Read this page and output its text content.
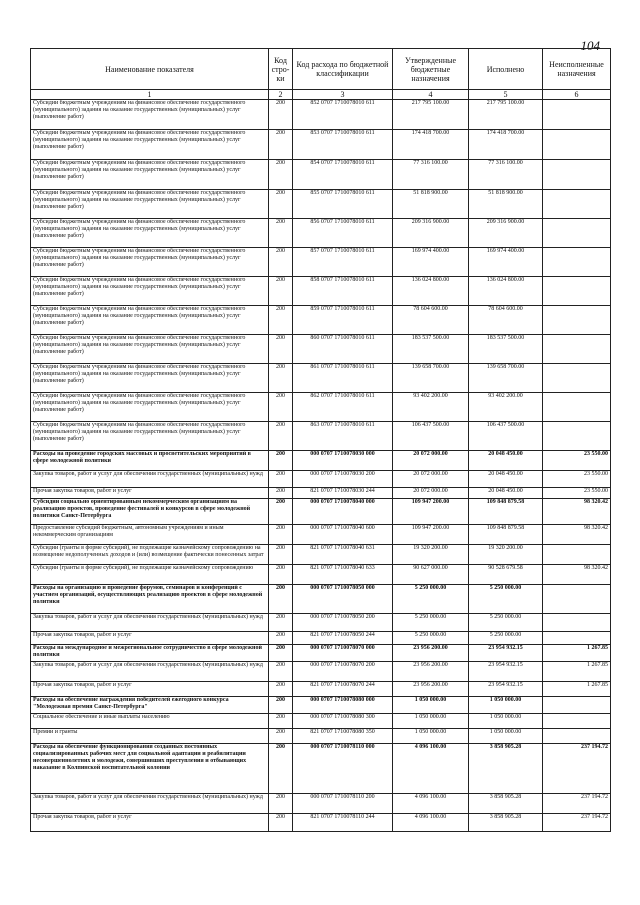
104
Наименование показателя	Код стро-ки	Код расхода по бюджетной классификации	Утвержденные бюджетные назначения	Исполнено	Неисполненные назначения
1	2	3	4	5	6
Субсидии бюджетным учреждениям на финансовое обеспечение государственного (муниципального) задания на оказание государственных (муниципальных) услуг (выполнение работ)	200	852 0707 1710078010 611	217 795 100.00	217 795 100.00	
Субсидии бюджетным учреждениям на финансовое обеспечение государственного (муниципального) задания на оказание государственных (муниципальных) услуг (выполнение работ)	200	853 0707 1710078010 611	174 418 700.00	174 418 700.00	
Субсидии бюджетным учреждениям на финансовое обеспечение государственного (муниципального) задания на оказание государственных (муниципальных) услуг (выполнение работ)	200	854 0707 1710078010 611	77 316 100.00	77 316 100.00	
Субсидии бюджетным учреждениям на финансовое обеспечение государственного (муниципального) задания на оказание государственных (муниципальных) услуг (выполнение работ)	200	855 0707 1710078010 611	51 818 900.00	51 818 900.00	
Субсидии бюджетным учреждениям на финансовое обеспечение государственного (муниципального) задания на оказание государственных (муниципальных) услуг (выполнение работ)	200	856 0707 1710078010 611	209 316 900.00	209 316 900.00	
Субсидии бюджетным учреждениям на финансовое обеспечение государственного (муниципального) задания на оказание государственных (муниципальных) услуг (выполнение работ)	200	857 0707 1710078010 611	169 974 400.00	169 974 400.00	
Субсидии бюджетным учреждениям на финансовое обеспечение государственного (муниципального) задания на оказание государственных (муниципальных) услуг (выполнение работ)	200	858 0707 1710078010 611	136 024 800.00	136 024 800.00	
Субсидии бюджетным учреждениям на финансовое обеспечение государственного (муниципального) задания на оказание государственных (муниципальных) услуг (выполнение работ)	200	859 0707 1710078010 611	78 604 600.00	78 604 600.00	
Субсидии бюджетным учреждениям на финансовое обеспечение государственного (муниципального) задания на оказание государственных (муниципальных) услуг (выполнение работ)	200	860 0707 1710078010 611	183 537 500.00	183 537 500.00	
Субсидии бюджетным учреждениям на финансовое обеспечение государственного (муниципального) задания на оказание государственных (муниципальных) услуг (выполнение работ)	200	861 0707 1710078010 611	139 658 700.00	139 658 700.00	
Субсидии бюджетным учреждениям на финансовое обеспечение государственного (муниципального) задания на оказание государственных (муниципальных) услуг (выполнение работ)	200	862 0707 1710078010 611	93 402 200.00	93 402 200.00	
Субсидии бюджетным учреждениям на финансовое обеспечение государственного (муниципального) задания на оказание государственных (муниципальных) услуг (выполнение работ)	200	863 0707 1710078010 611	106 437 500.00	106 437 500.00	
Расходы на проведение городских массовых и просветительских мероприятий в сфере молодежной политики	200	000 0707 1710078030 000	20 072 000.00	20 048 450.00	23 550.00
Закупка товаров, работ и услуг для обеспечения государственных (муниципальных) нужд	200	000 0707 1710078030 200	20 072 000.00	20 048 450.00	23 550.00
Прочая закупка товаров, работ и услуг	200	821 0707 1710078030 244	20 072 000.00	20 048 450.00	23 550.00
Субсидии социально ориентированным некоммерческим организациям на реализацию проектов, проведение фестивалей и конкурсов в сфере молодежной политики Санкт-Петербурга	200	000 0707 1710078040 000	109 947 200.00	109 848 879.58	98 320.42
Предоставление субсидий бюджетным, автономным учреждениям и иным некоммерческим организациям	200	000 0707 1710078040 600	109 947 200.00	109 848 879.58	98 320.42
Субсидии (гранты в форме субсидий), не подлежащие казначейскому сопровождению на возмещение недополученных доходов и (или) возмещение фактически понесенных затрат	200	821 0707 1710078040 631	19 320 200.00	19 320 200.00	
Субсидии (гранты в форме субсидий), не подлежащие казначейскому сопровождению	200	821 0707 1710078040 633	90 627 000.00	90 528 679.58	98 320.42
Расходы на организацию и проведение форумов, семинаров и конференций с участием организаций, осуществляющих реализацию проектов в сфере молодежной политики	200	000 0707 1710078050 000	5 250 000.00	5 250 000.00	
Закупка товаров, работ и услуг для обеспечения государственных (муниципальных) нужд	200	000 0707 1710078050 200	5 250 000.00	5 250 000.00	
Прочая закупка товаров, работ и услуг	200	821 0707 1710078050 244	5 250 000.00	5 250 000.00	
Расходы на международное и межрегиональное сотрудничество в сфере молодежной политики	200	000 0707 1710078070 000	23 956 200.00	23 954 932.15	1 267.85
Закупка товаров, работ и услуг для обеспечения государственных (муниципальных) нужд	200	000 0707 1710078070 200	23 956 200.00	23 954 932.15	1 267.85
Прочая закупка товаров, работ и услуг	200	821 0707 1710078070 244	23 956 200.00	23 954 932.15	1 267.85
Расходы на обеспечение награждения победителей ежегодного конкурса "Молодежная премия Санкт-Петербурга"	200	000 0707 1710078080 000	1 050 000.00	1 050 000.00	
Социальное обеспечение и иные выплаты населению	200	000 0707 1710078080 300	1 050 000.00	1 050 000.00	
Премии и гранты	200	821 0707 1710078080 350	1 050 000.00	1 050 000.00	
Расходы на обеспечение функционирования созданных постоянных социализированных рабочих мест для социальной адаптации и реабилитации несовершеннолетних и молодежи, совершивших преступления и отбывающих наказание в Колпинской воспитательной колонии	200	000 0707 1710078110 000	4 096 100.00	3 858 905.28	237 194.72
Закупка товаров, работ и услуг для обеспечения государственных (муниципальных) нужд	200	000 0707 1710078110 200	4 096 100.00	3 858 905.28	237 194.72
Прочая закупка товаров, работ и услуг	200	821 0707 1710078110 244	4 096 100.00	3 858 905.28	237 194.72
